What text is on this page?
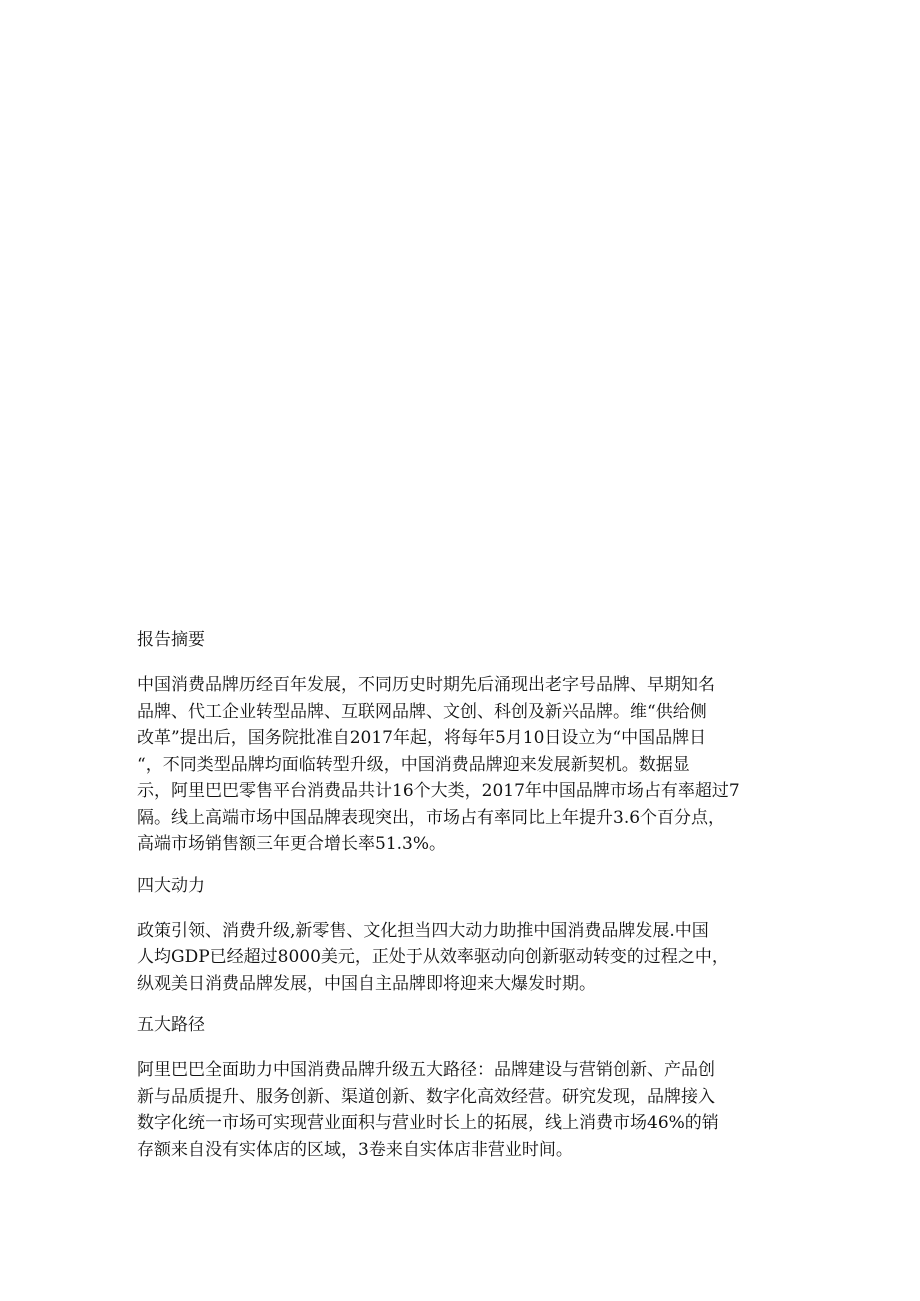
报告摘要

中国消费品牌历经百年发展，不同历史时期先后涌现出老字号品牌、早期知名
品牌、代工企业转型品牌、互联网品牌、文创、科创及新兴品牌。维“供给侧
改革”提出后，国务院批准自2017年起，将每年5月10日设立为“中国品牌日
“，不同类型品牌均面临转型升级，中国消费品牌迎来发展新契机。数据显
示，阿里巴巴零售平台消费品共计16个大类，2017年中国品牌市场占有率超过7
隔。线上高端市场中国品牌表现突出，市场占有率同比上年提升3.6个百分点，
高端市场销售额三年更合增长率51.3%。

四大动力

政策引领、消费升级,新零售、文化担当四大动力助推中国消费品牌发展.中国
人均GDP已经超过8000美元，正处于从效率驱动向创新驱动转变的过程之中，
纵观美日消费品牌发展，中国自主品牌即将迎来大爆发时期。

五大路径

阿里巴巴全面助力中国消费品牌升级五大路径：品牌建设与营销创新、产品创
新与品质提升、服务创新、渠道创新、数字化高效经营。研究发现，品牌接入
数字化统一市场可实现营业面积与营业时长上的拓展，线上消费市场46%的销
存额来自没有实体店的区域，3卷来自实体店非营业时间。
